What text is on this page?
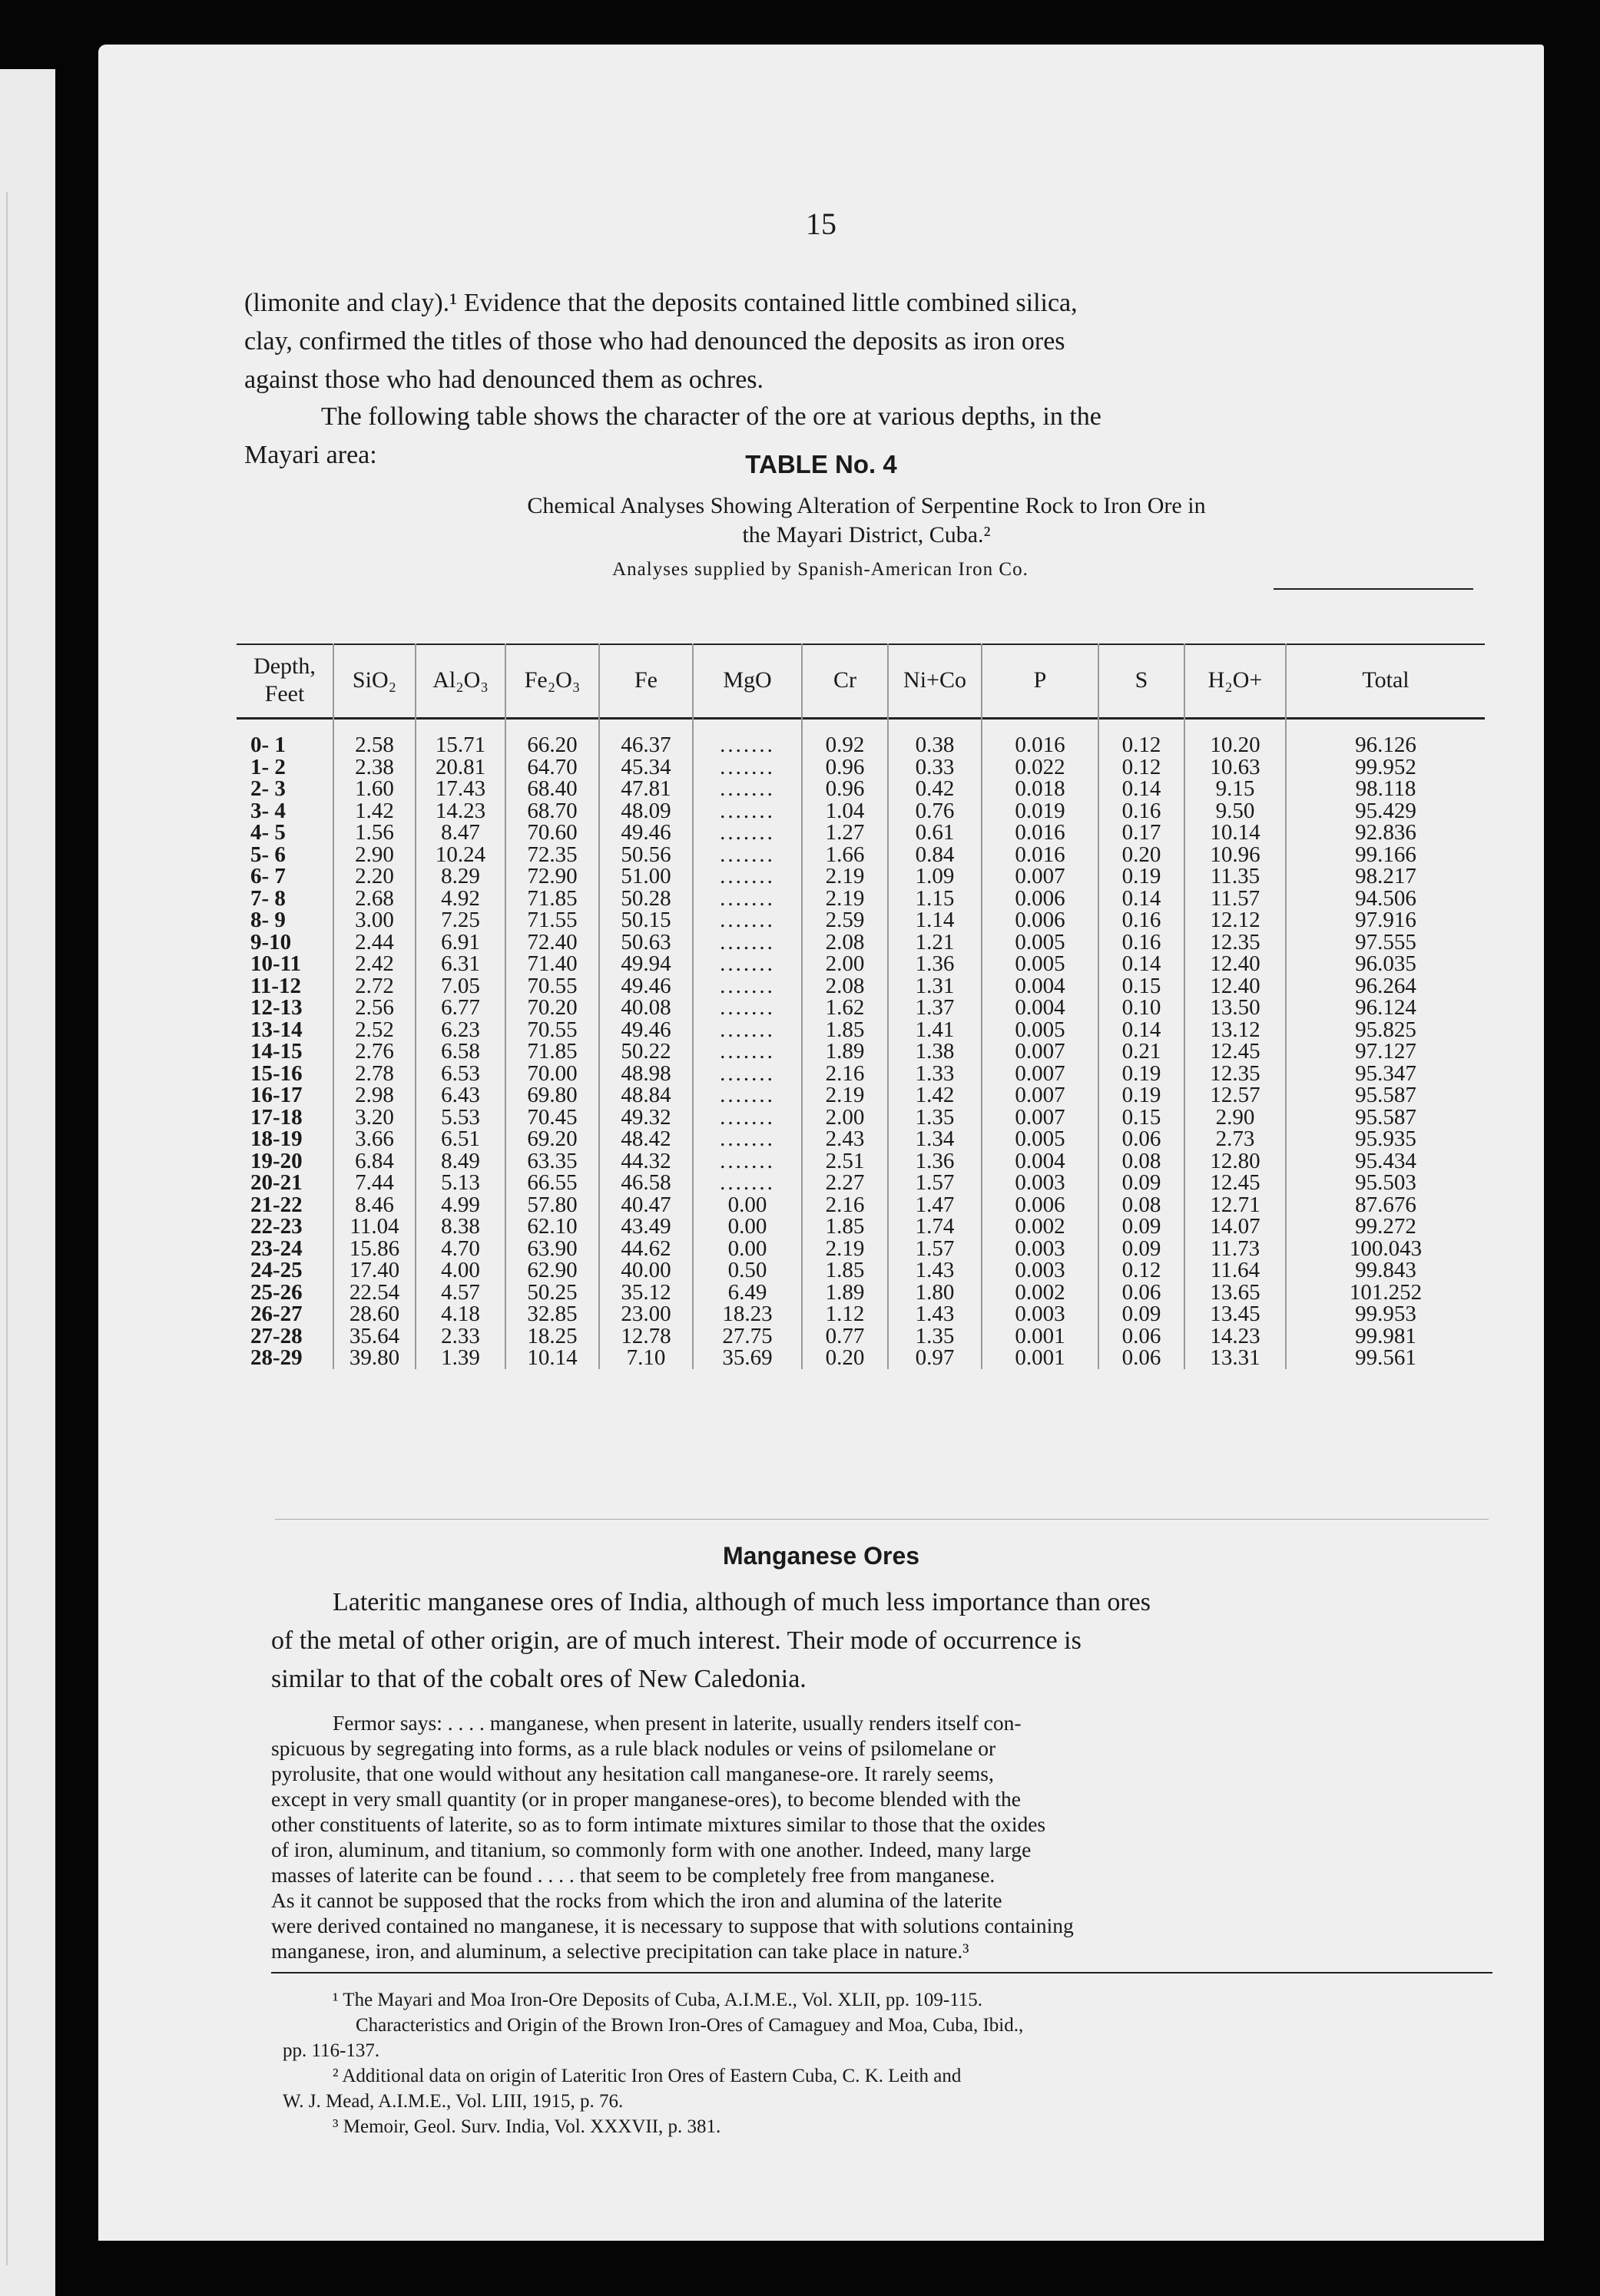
15
(limonite and clay).¹ Evidence that the deposits contained little combined silica,
clay, confirmed the titles of those who had denounced the deposits as iron ores
against those who had denounced them as ochres.
The following table shows the character of the ore at various depths, in the
Mayari area:	TABLE No. 4
Chemical Analyses Showing Alteration of Serpentine Rock to Iron Ore in
the Mayari District, Cuba.²
Analyses supplied by Spanish-American Iron Co.
Depth, Feet	SiO₂	Al₂O₃	Fe₂O₃	Fe	MgO	Cr	Ni+Co	P	S	H₂O+	Total
0- 1	2.58	15.71	66.20	46.37	.......	0.92	0.38	0.016	0.12	10.20	96.126
1- 2	2.38	20.81	64.70	45.34	.......	0.96	0.33	0.022	0.12	10.63	99.952
2- 3	1.60	17.43	68.40	47.81	.......	0.96	0.42	0.018	0.14	9.15	98.118
3- 4	1.42	14.23	68.70	48.09	.......	1.04	0.76	0.019	0.16	9.50	95.429
4- 5	1.56	8.47	70.60	49.46	.......	1.27	0.61	0.016	0.17	10.14	92.836
5- 6	2.90	10.24	72.35	50.56	.......	1.66	0.84	0.016	0.20	10.96	99.166
6- 7	2.20	8.29	72.90	51.00	.......	2.19	1.09	0.007	0.19	11.35	98.217
7- 8	2.68	4.92	71.85	50.28	.......	2.19	1.15	0.006	0.14	11.57	94.506
8- 9	3.00	7.25	71.55	50.15	.......	2.59	1.14	0.006	0.16	12.12	97.916
9-10	2.44	6.91	72.40	50.63	.......	2.08	1.21	0.005	0.16	12.35	97.555
10-11	2.42	6.31	71.40	49.94	.......	2.00	1.36	0.005	0.14	12.40	96.035
11-12	2.72	7.05	70.55	49.46	.......	2.08	1.31	0.004	0.15	12.40	96.264
12-13	2.56	6.77	70.20	40.08	.......	1.62	1.37	0.004	0.10	13.50	96.124
13-14	2.52	6.23	70.55	49.46	.......	1.85	1.41	0.005	0.14	13.12	95.825
14-15	2.76	6.58	71.85	50.22	.......	1.89	1.38	0.007	0.21	12.45	97.127
15-16	2.78	6.53	70.00	48.98	.......	2.16	1.33	0.007	0.19	12.35	95.347
16-17	2.98	6.43	69.80	48.84	.......	2.19	1.42	0.007	0.19	12.57	95.587
17-18	3.20	5.53	70.45	49.32	.......	2.00	1.35	0.007	0.15	2.90	95.587
18-19	3.66	6.51	69.20	48.42	.......	2.43	1.34	0.005	0.06	2.73	95.935
19-20	6.84	8.49	63.35	44.32	.......	2.51	1.36	0.004	0.08	12.80	95.434
20-21	7.44	5.13	66.55	46.58	.......	2.27	1.57	0.003	0.09	12.45	95.503
21-22	8.46	4.99	57.80	40.47	0.00	2.16	1.47	0.006	0.08	12.71	87.676
22-23	11.04	8.38	62.10	43.49	0.00	1.85	1.74	0.002	0.09	14.07	99.272
23-24	15.86	4.70	63.90	44.62	0.00	2.19	1.57	0.003	0.09	11.73	100.043
24-25	17.40	4.00	62.90	40.00	0.50	1.85	1.43	0.003	0.12	11.64	99.843
25-26	22.54	4.57	50.25	35.12	6.49	1.89	1.80	0.002	0.06	13.65	101.252
26-27	28.60	4.18	32.85	23.00	18.23	1.12	1.43	0.003	0.09	13.45	99.953
27-28	35.64	2.33	18.25	12.78	27.75	0.77	1.35	0.001	0.06	14.23	99.981
28-29	39.80	1.39	10.14	7.10	35.69	0.20	0.97	0.001	0.06	13.31	99.561
Manganese Ores
Lateritic manganese ores of India, although of much less importance than ores
of the metal of other origin, are of much interest. Their mode of occurrence is
similar to that of the cobalt ores of New Caledonia.
Fermor says: . . . . manganese, when present in laterite, usually renders itself con-
spicuous by segregating into forms, as a rule black nodules or veins of psilomelane or
pyrolusite, that one would without any hesitation call manganese-ore. It rarely seems,
except in very small quantity (or in proper manganese-ores), to become blended with the
other constituents of laterite, so as to form intimate mixtures similar to those that the oxides
of iron, aluminum, and titanium, so commonly form with one another. Indeed, many large
masses of laterite can be found . . . . that seem to be completely free from manganese.
As it cannot be supposed that the rocks from which the iron and alumina of the laterite
were derived contained no manganese, it is necessary to suppose that with solutions containing
manganese, iron, and aluminum, a selective precipitation can take place in nature.³
¹ The Mayari and Moa Iron-Ore Deposits of Cuba, A.I.M.E., Vol. XLII, pp. 109-115.
Characteristics and Origin of the Brown Iron-Ores of Camaguey and Moa, Cuba, Ibid.,
pp. 116-137.
² Additional data on origin of Lateritic Iron Ores of Eastern Cuba, C. K. Leith and
W. J. Mead, A.I.M.E., Vol. LIII, 1915, p. 76.
³ Memoir, Geol. Surv. India, Vol. XXXVII, p. 381.
